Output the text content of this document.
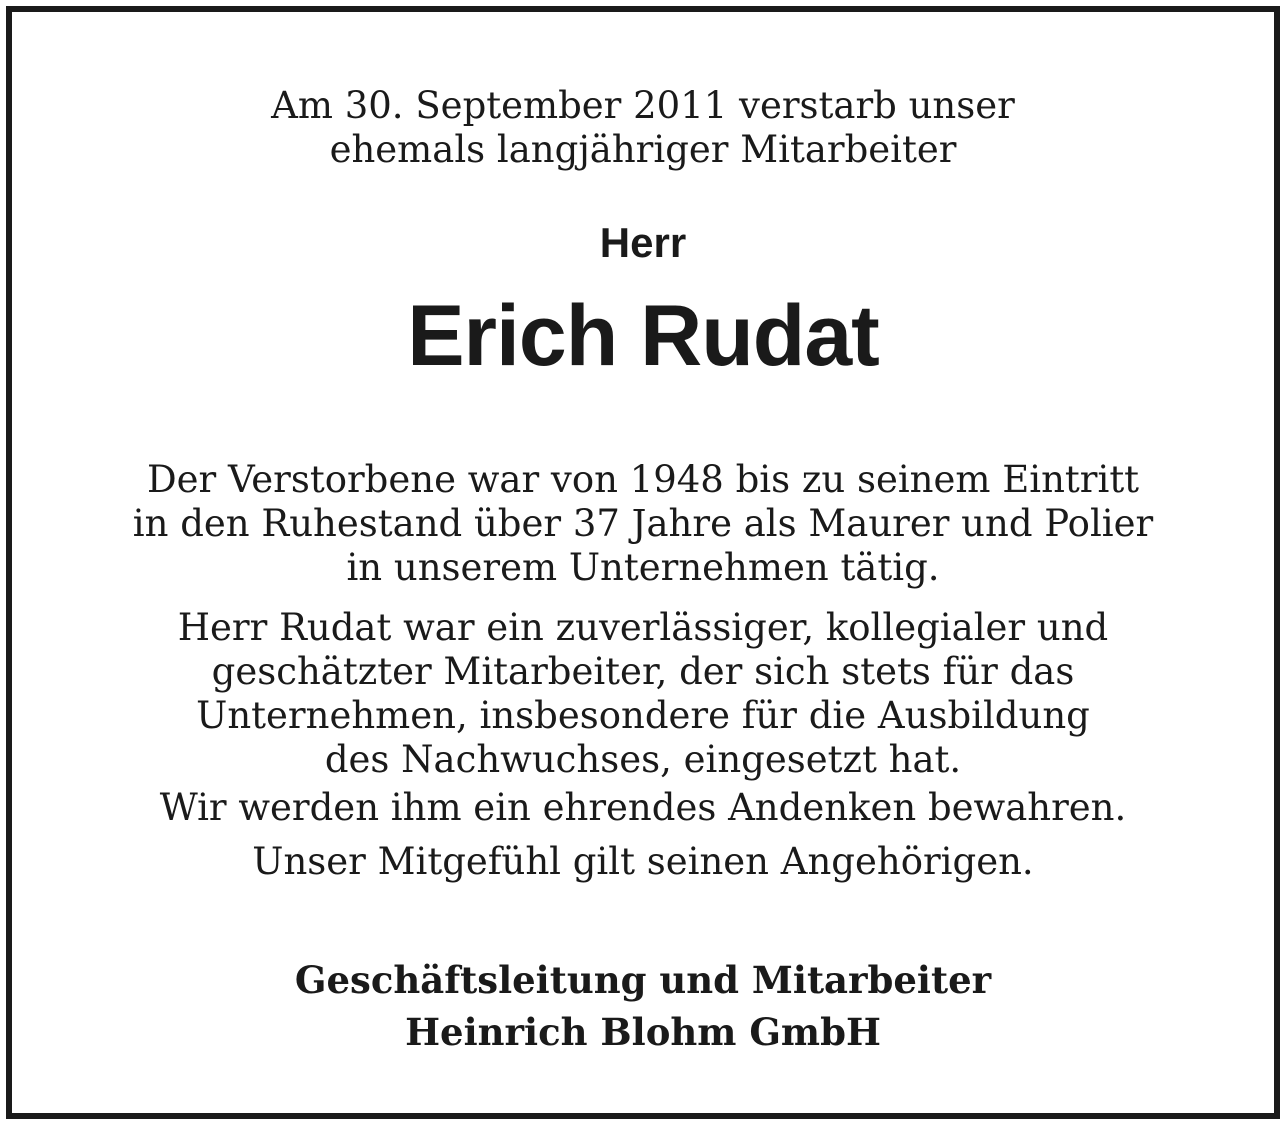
Am 30. September 2011 verstarb unser
ehemals langjähriger Mitarbeiter
Herr
Erich Rudat
Der Verstorbene war von 1948 bis zu seinem Eintritt
in den Ruhestand über 37 Jahre als Maurer und Polier
in unserem Unternehmen tätig.
Herr Rudat war ein zuverlässiger, kollegialer und
geschätzter Mitarbeiter, der sich stets für das
Unternehmen, insbesondere für die Ausbildung
des Nachwuchses, eingesetzt hat.
Wir werden ihm ein ehrendes Andenken bewahren.
Unser Mitgefühl gilt seinen Angehörigen.
Geschäftsleitung und Mitarbeiter
Heinrich Blohm GmbH
